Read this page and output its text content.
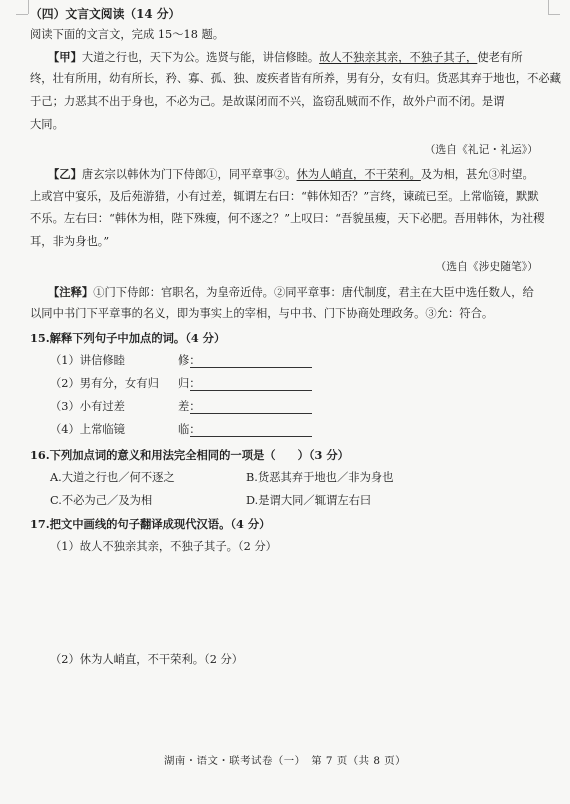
（四）文言文阅读（14 分）
阅读下面的文言文，完成 15～18 题。
【甲】大道之行也，天下为公。选贤与能，讲信修睦。故人不独亲其亲，不独子其子，使老有所
终，壮有所用，幼有所长，矜、寡、孤、独、废疾者皆有所养，男有分，女有归。货恶其弃于地也，不必藏
于己；力恶其不出于身也，不必为己。是故谋闭而不兴，盗窃乱贼而不作，故外户而不闭。是谓
大同。
（选自《礼记・礼运》）
【乙】唐玄宗以韩休为门下侍郎①，同平章事②。休为人峭直，不干荣利。及为相，甚允③时望。
上或宫中宴乐，及后苑游猎，小有过差，辄谓左右曰：“韩休知否？”言终，谏疏已至。上常临镜，默默
不乐。左右曰：“韩休为相，陛下殊瘦，何不逐之？”上叹曰：“吾貌虽瘦，天下必肥。吾用韩休，为社稷
耳，非为身也。”
（选自《涉史随笔》）
【注释】①门下侍郎：官职名，为皇帝近侍。②同平章事：唐代制度，君主在大臣中选任数人，给
以同中书门下平章事的名义，即为事实上的宰相，与中书、门下协商处理政务。③允：符合。
15.解释下列句子中加点的词。（4 分）
（1）讲信修睦	修：
（2）男有分，女有归 归：
（3）小有过差	差：
（4）上常临镜	临：
16.下列加点词的意义和用法完全相同的一项是（ ）（3 分）
A.大道之行也／何不逐之	B.货恶其弃于地也／非为身也
C.不必为己／及为相	D.是谓大同／辄谓左右曰
17.把文中画线的句子翻译成现代汉语。（4 分）
（1）故人不独亲其亲，不独子其子。（2 分）
（2）休为人峭直，不干荣利。（2 分）
湖南・语文・联考试卷（一）　第 7 页（共 8 页）
